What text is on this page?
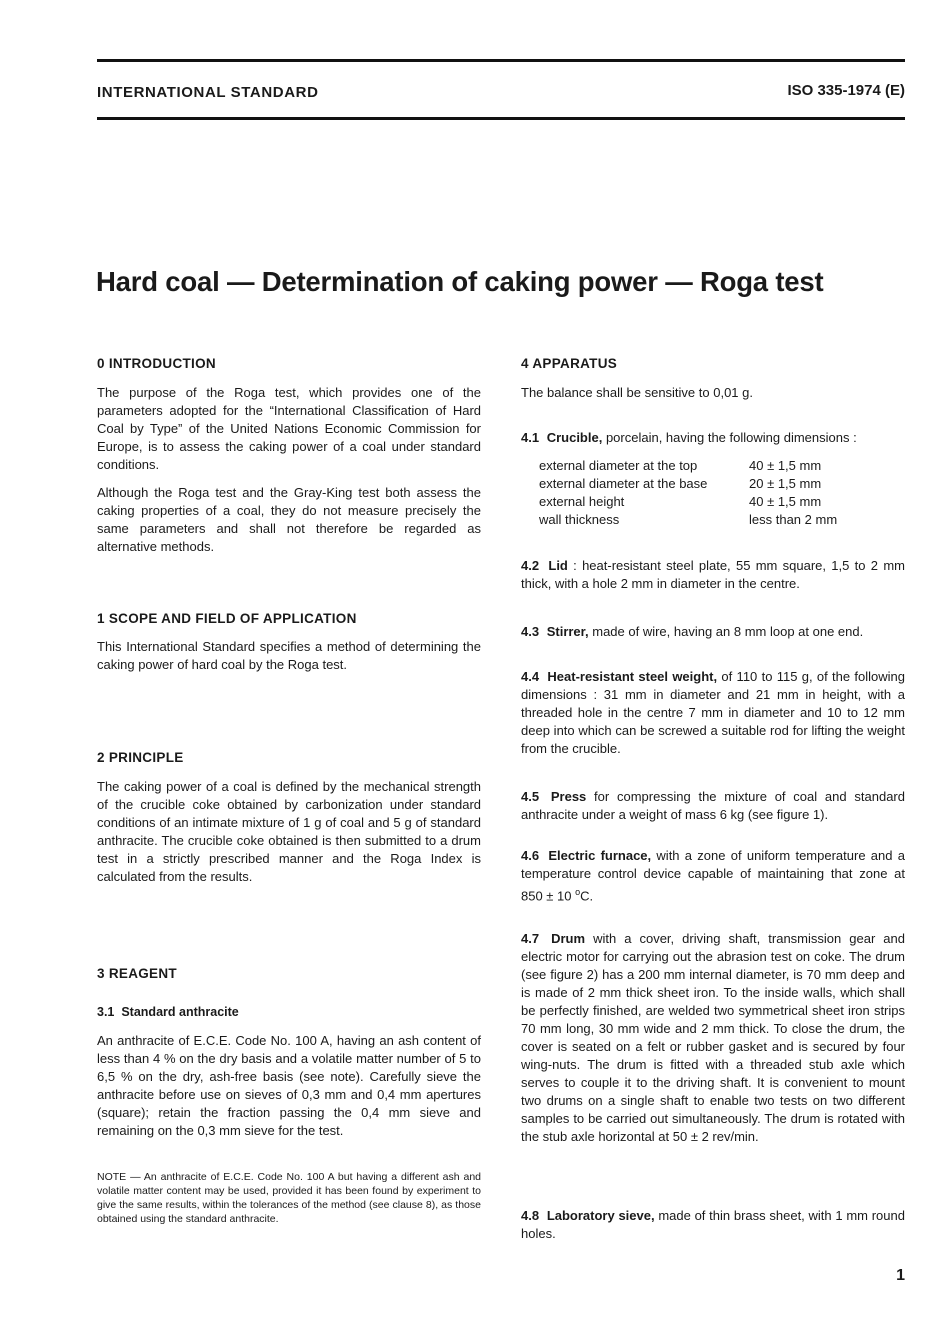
INTERNATIONAL STANDARD	ISO 335-1974 (E)
Hard coal — Determination of caking power — Roga test
0 INTRODUCTION
The purpose of the Roga test, which provides one of the parameters adopted for the “International Classification of Hard Coal by Type” of the United Nations Economic Commission for Europe, is to assess the caking power of a coal under standard conditions.
Although the Roga test and the Gray-King test both assess the caking properties of a coal, they do not measure precisely the same parameters and shall not therefore be regarded as alternative methods.
1 SCOPE AND FIELD OF APPLICATION
This International Standard specifies a method of determining the caking power of hard coal by the Roga test.
2 PRINCIPLE
The caking power of a coal is defined by the mechanical strength of the crucible coke obtained by carbonization under standard conditions of an intimate mixture of 1 g of coal and 5 g of standard anthracite. The crucible coke obtained is then submitted to a drum test in a strictly prescribed manner and the Roga Index is calculated from the results.
3 REAGENT
3.1 Standard anthracite
An anthracite of E.C.E. Code No. 100 A, having an ash content of less than 4 % on the dry basis and a volatile matter number of 5 to 6,5 % on the dry, ash-free basis (see note). Carefully sieve the anthracite before use on sieves of 0,3 mm and 0,4 mm apertures (square); retain the fraction passing the 0,4 mm sieve and remaining on the 0,3 mm sieve for the test.
NOTE — An anthracite of E.C.E. Code No. 100 A but having a different ash and volatile matter content may be used, provided it has been found by experiment to give the same results, within the tolerances of the method (see clause 8), as those obtained using the standard anthracite.
4 APPARATUS
The balance shall be sensitive to 0,01 g.
4.1 Crucible, porcelain, having the following dimensions :
external diameter at the top	40 ± 1,5 mm
external diameter at the base	20 ± 1,5 mm
external height	40 ± 1,5 mm
wall thickness	less than 2 mm
4.2 Lid : heat-resistant steel plate, 55 mm square, 1,5 to 2 mm thick, with a hole 2 mm in diameter in the centre.
4.3 Stirrer, made of wire, having an 8 mm loop at one end.
4.4 Heat-resistant steel weight, of 110 to 115 g, of the following dimensions : 31 mm in diameter and 21 mm in height, with a threaded hole in the centre 7 mm in diameter and 10 to 12 mm deep into which can be screwed a suitable rod for lifting the weight from the crucible.
4.5 Press for compressing the mixture of coal and standard anthracite under a weight of mass 6 kg (see figure 1).
4.6 Electric furnace, with a zone of uniform temperature and a temperature control device capable of maintaining that zone at 850 ± 10 $^o$C.
4.7 Drum with a cover, driving shaft, transmission gear and electric motor for carrying out the abrasion test on coke. The drum (see figure 2) has a 200 mm internal diameter, is 70 mm deep and is made of 2 mm thick sheet iron. To the inside walls, which shall be perfectly finished, are welded two symmetrical sheet iron strips 70 mm long, 30 mm wide and 2 mm thick. To close the drum, the cover is seated on a felt or rubber gasket and is secured by four wing-nuts. The drum is fitted with a threaded stub axle which serves to couple it to the driving shaft. It is convenient to mount two drums on a single shaft to enable two tests on two different samples to be carried out simultaneously. The drum is rotated with the stub axle horizontal at 50 ± 2 rev/min.
4.8 Laboratory sieve, made of thin brass sheet, with 1 mm round holes.
1
